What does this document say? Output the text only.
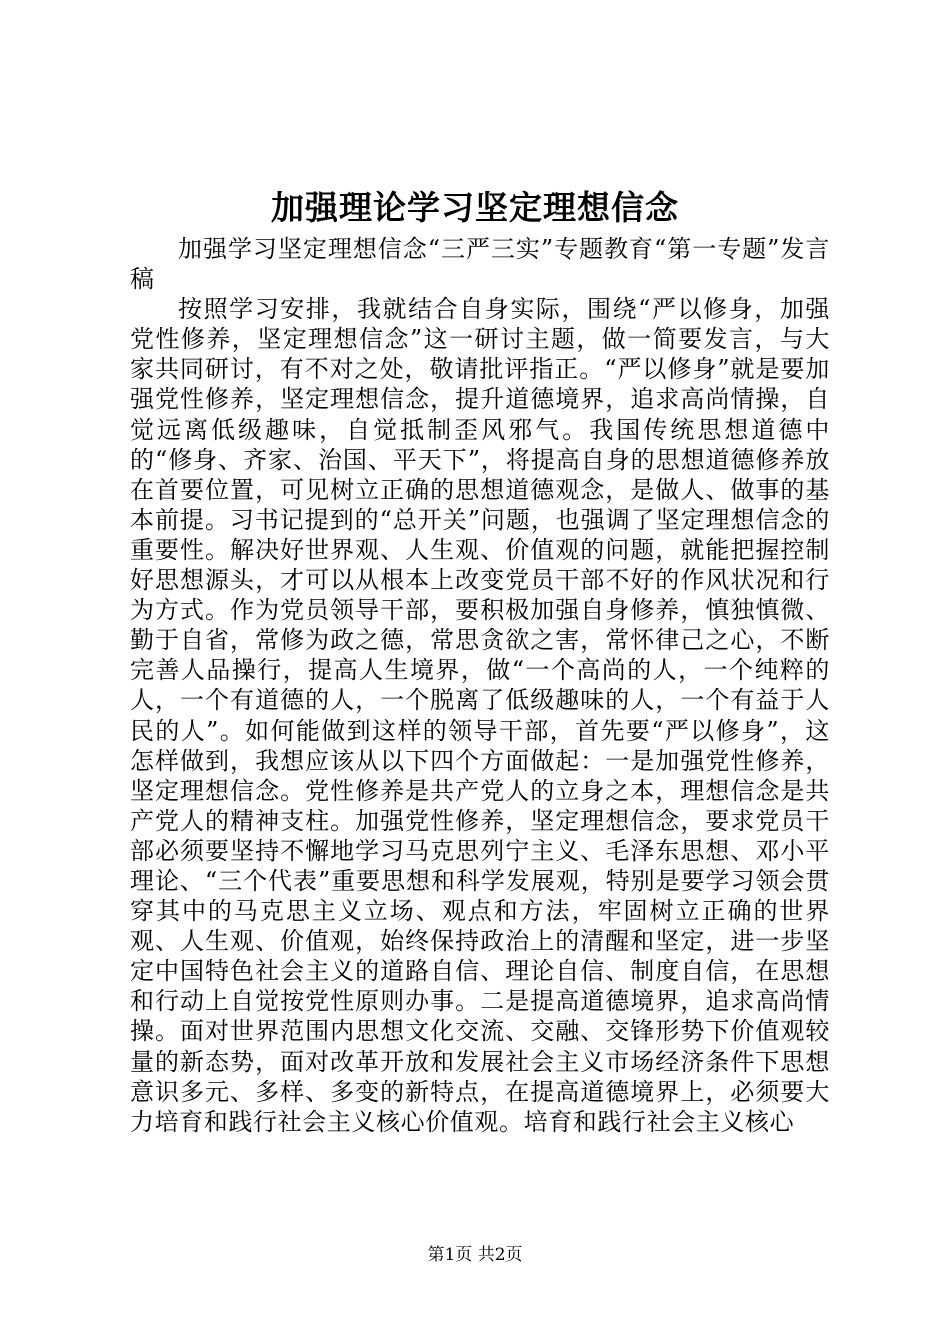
加强理论学习坚定理想信念

加强学习坚定理想信念“三严三实”专题教育“第一专题”发言稿

按照学习安排，我就结合自身实际，围绕“严以修身，加强党性修养，坚定理想信念”这一研讨主题，做一简要发言，与大家共同研讨，有不对之处，敬请批评指正。“严以修身”就是要加强党性修养，坚定理想信念，提升道德境界，追求高尚情操，自觉远离低级趣味，自觉抵制歪风邪气。我国传统思想道德中的“修身、齐家、治国、平天下”，将提高自身的思想道德修养放在首要位置，可见树立正确的思想道德观念，是做人、做事的基本前提。习书记提到的“总开关”问题，也强调了坚定理想信念的重要性。解决好世界观、人生观、价值观的问题，就能把握控制好思想源头，才可以从根本上改变党员干部不好的作风状况和行为方式。作为党员领导干部，要积极加强自身修养，慎独慎微、勤于自省，常修为政之德，常思贪欲之害，常怀律己之心，不断完善人品操行，提高人生境界，做“一个高尚的人，一个纯粹的人，一个有道德的人，一个脱离了低级趣味的人，一个有益于人民的人”。如何能做到这样的领导干部，首先要“严以修身”，这怎样做到，我想应该从以下四个方面做起：一是加强党性修养，坚定理想信念。党性修养是共产党人的立身之本，理想信念是共产党人的精神支柱。加强党性修养，坚定理想信念，要求党员干部必须要坚持不懈地学习马克思列宁主义、毛泽东思想、邓小平理论、“三个代表”重要思想和科学发展观，特别是要学习领会贯穿其中的马克思主义立场、观点和方法，牢固树立正确的世界观、人生观、价值观，始终保持政治上的清醒和坚定，进一步坚定中国特色社会主义的道路自信、理论自信、制度自信，在思想和行动上自觉按党性原则办事。二是提高道德境界，追求高尚情操。面对世界范围内思想文化交流、交融、交锋形势下价值观较量的新态势，面对改革开放和发展社会主义市场经济条件下思想意识多元、多样、多变的新特点，在提高道德境界上，必须要大力培育和践行社会主义核心价值观。培育和践行社会主义核心

第1页 共2页
